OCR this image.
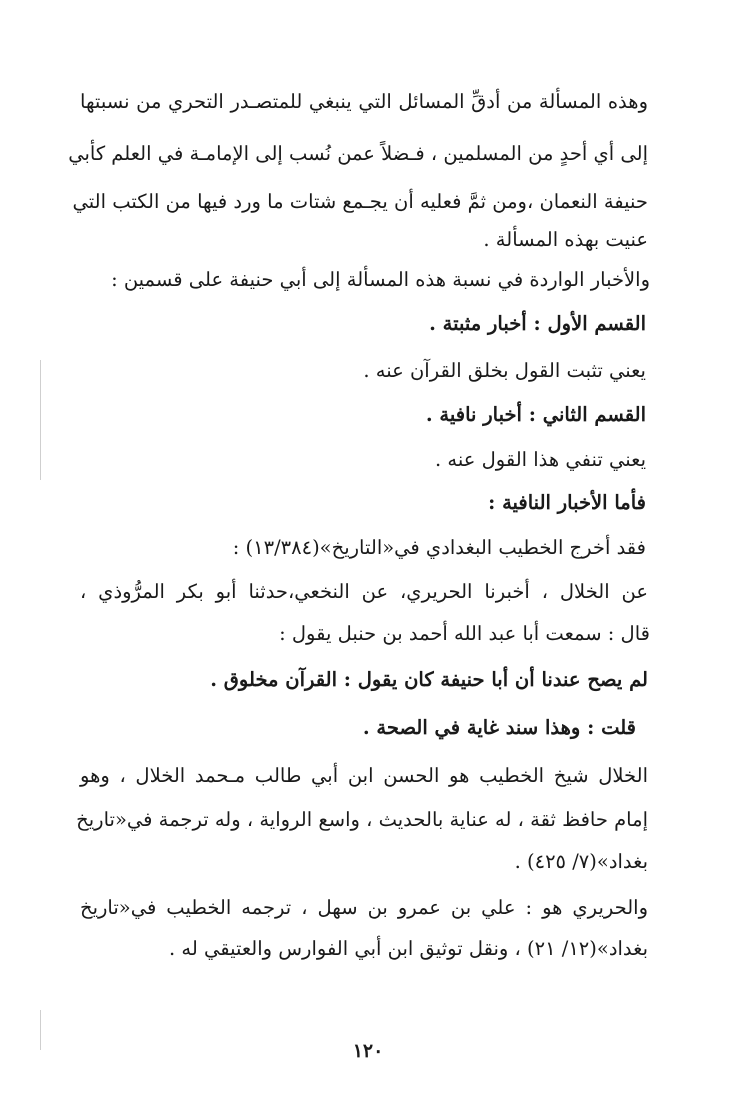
وهذه المسألة من أدقِّ المسائل التي ينبغي للمتصـدر التحري من نسبتها
إلى أي أحدٍ من المسلمين ، فـضلاً عمن نُسب إلى الإمامـة في العلم كأبي
حنيفة النعمان ،ومن ثمَّ فعليه أن يجـمع شتات ما ورد فيها من الكتب التي
عنيت بهذه المسألة .
والأخبار الواردة في نسبة هذه المسألة إلى أبي حنيفة على قسمين :
القسم الأول : أخبار مثبتة .
يعني تثبت القول بخلق القرآن عنه .
القسم الثاني : أخبار نافية .
يعني تنفي هذا القول عنه .
فأما الأخبار النافية :
فقد أخرج الخطيب البغدادي في«التاريخ»(١٣/٣٨٤) :
عن الخلال ، أخبرنا الحريري، عن النخعي،حدثنا أبو بكر المرُّوذي ،
قال : سمعت أبا عبد الله أحمد بن حنبل يقول :
لم يصح عندنا أن أبا حنيفة كان يقول : القرآن مخلوق .
قلت : وهذا سند غاية في الصحة .
الخلال شيخ الخطيب هو الحسن ابن أبي طالب مـحمد الخلال ، وهو
إمام حافظ ثقة ، له عناية بالحديث ، واسع الرواية ، وله ترجمة في«تاريخ
بغداد»(٧/ ٤٢٥) .
والحريري هو : علي بن عمرو بن سهل ، ترجمه الخطيب في«تاريخ
بغداد»(١٢/ ٢١) ، ونقل توثيق ابن أبي الفوارس والعتيقي له .
١٢٠
